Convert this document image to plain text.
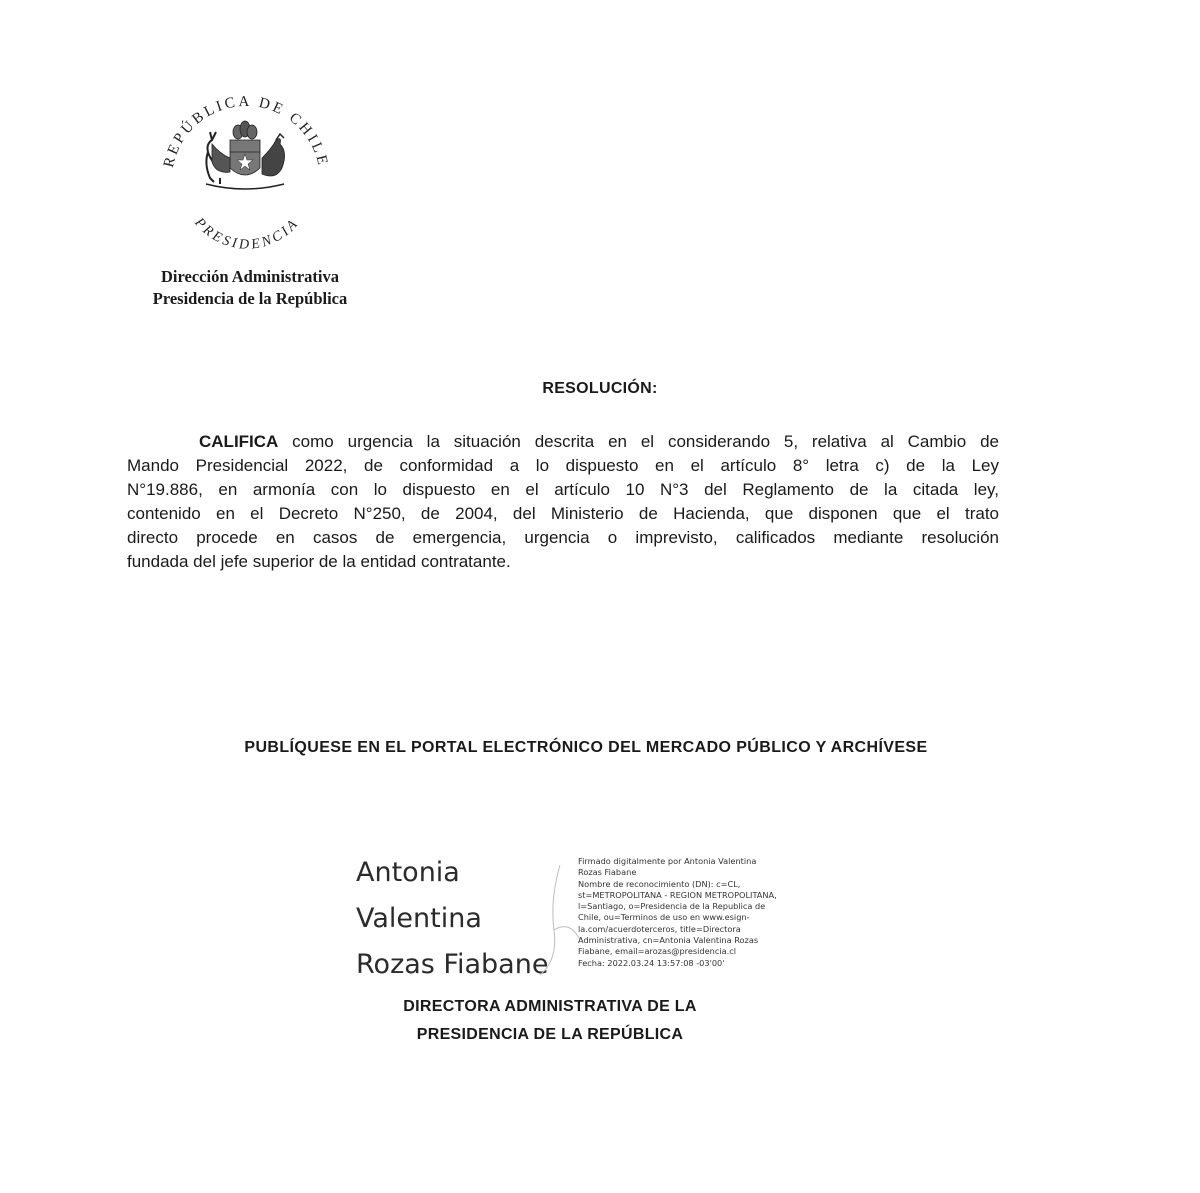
REPÚBLICA DE CHILE
PRESIDENCIA
Dirección Administrativa
Presidencia de la República
RESOLUCIÓN:
CALIFICA como urgencia la situación descrita en el considerando 5, relativa al Cambio de
Mando Presidencial 2022, de conformidad a lo dispuesto en el artículo 8° letra c) de la Ley
N°19.886, en armonía con lo dispuesto en el artículo 10 N°3 del Reglamento de la citada ley,
contenido en el Decreto N°250, de 2004, del Ministerio de Hacienda, que disponen que el trato
directo procede en casos de emergencia, urgencia o imprevisto, calificados mediante resolución
fundada del jefe superior de la entidad contratante.
PUBLÍQUESE EN EL PORTAL ELECTRÓNICO DEL MERCADO PÚBLICO Y ARCHÍVESE
Antonia
Valentina
Rozas Fiabane
Firmado digitalmente por Antonia Valentina
Rozas Fiabane
Nombre de reconocimiento (DN): c=CL,
st=METROPOLITANA - REGION METROPOLITANA,
l=Santiago, o=Presidencia de la Republica de
Chile, ou=Terminos de uso en www.esign-
la.com/acuerdoterceros, title=Directora
Administrativa, cn=Antonia Valentina Rozas
Fiabane, email=arozas@presidencia.cl
Fecha: 2022.03.24 13:57:08 -03'00'
DIRECTORA ADMINISTRATIVA DE LA
PRESIDENCIA DE LA REPÚBLICA
